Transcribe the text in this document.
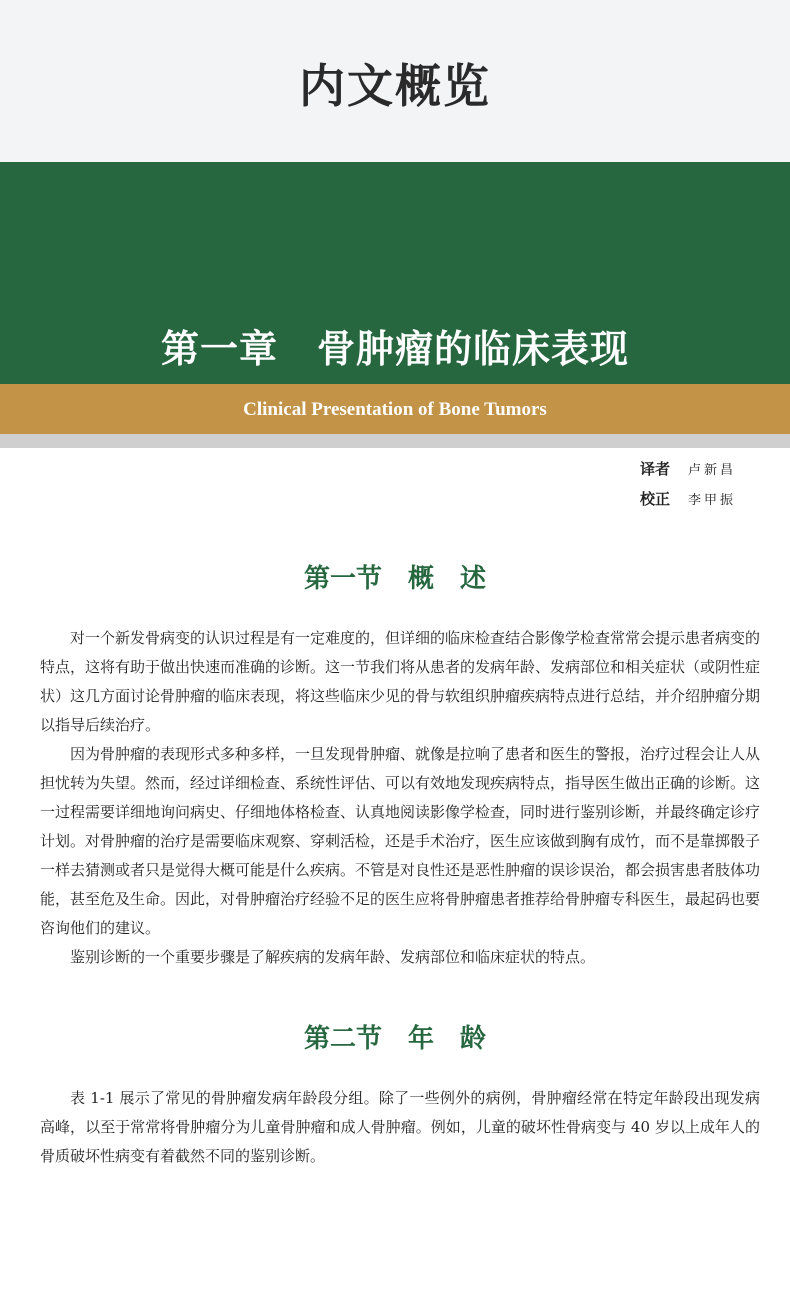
内文概览
第一章　骨肿瘤的临床表现
Clinical Presentation of Bone Tumors
译者	卢新昌
校正	李甲振
第一节　概　述

对一个新发骨病变的认识过程是有一定难度的，但详细的临床检查结合影像学检查常常会提示患者病变的特点，这将有助于做出快速而准确的诊断。这一节我们将从患者的发病年龄、发病部位和相关症状（或阴性症状）这几方面讨论骨肿瘤的临床表现，将这些临床少见的骨与软组织肿瘤疾病特点进行总结，并介绍肿瘤分期以指导后续治疗。

因为骨肿瘤的表现形式多种多样，一旦发现骨肿瘤、就像是拉响了患者和医生的警报，治疗过程会让人从担忧转为失望。然而，经过详细检查、系统性评估、可以有效地发现疾病特点，指导医生做出正确的诊断。这一过程需要详细地询问病史、仔细地体格检查、认真地阅读影像学检查，同时进行鉴别诊断，并最终确定诊疗计划。对骨肿瘤的治疗是需要临床观察、穿刺活检，还是手术治疗，医生应该做到胸有成竹，而不是靠掷骰子一样去猜测或者只是觉得大概可能是什么疾病。不管是对良性还是恶性肿瘤的误诊误治，都会损害患者肢体功能，甚至危及生命。因此，对骨肿瘤治疗经验不足的医生应将骨肿瘤患者推荐给骨肿瘤专科医生，最起码也要咨询他们的建议。

鉴别诊断的一个重要步骤是了解疾病的发病年龄、发病部位和临床症状的特点。

第二节　年　龄

表 1-1 展示了常见的骨肿瘤发病年龄段分组。除了一些例外的病例，骨肿瘤经常在特定年龄段出现发病高峰，以至于常常将骨肿瘤分为儿童骨肿瘤和成人骨肿瘤。例如，儿童的破坏性骨病变与 40 岁以上成年人的骨质破坏性病变有着截然不同的鉴别诊断。
